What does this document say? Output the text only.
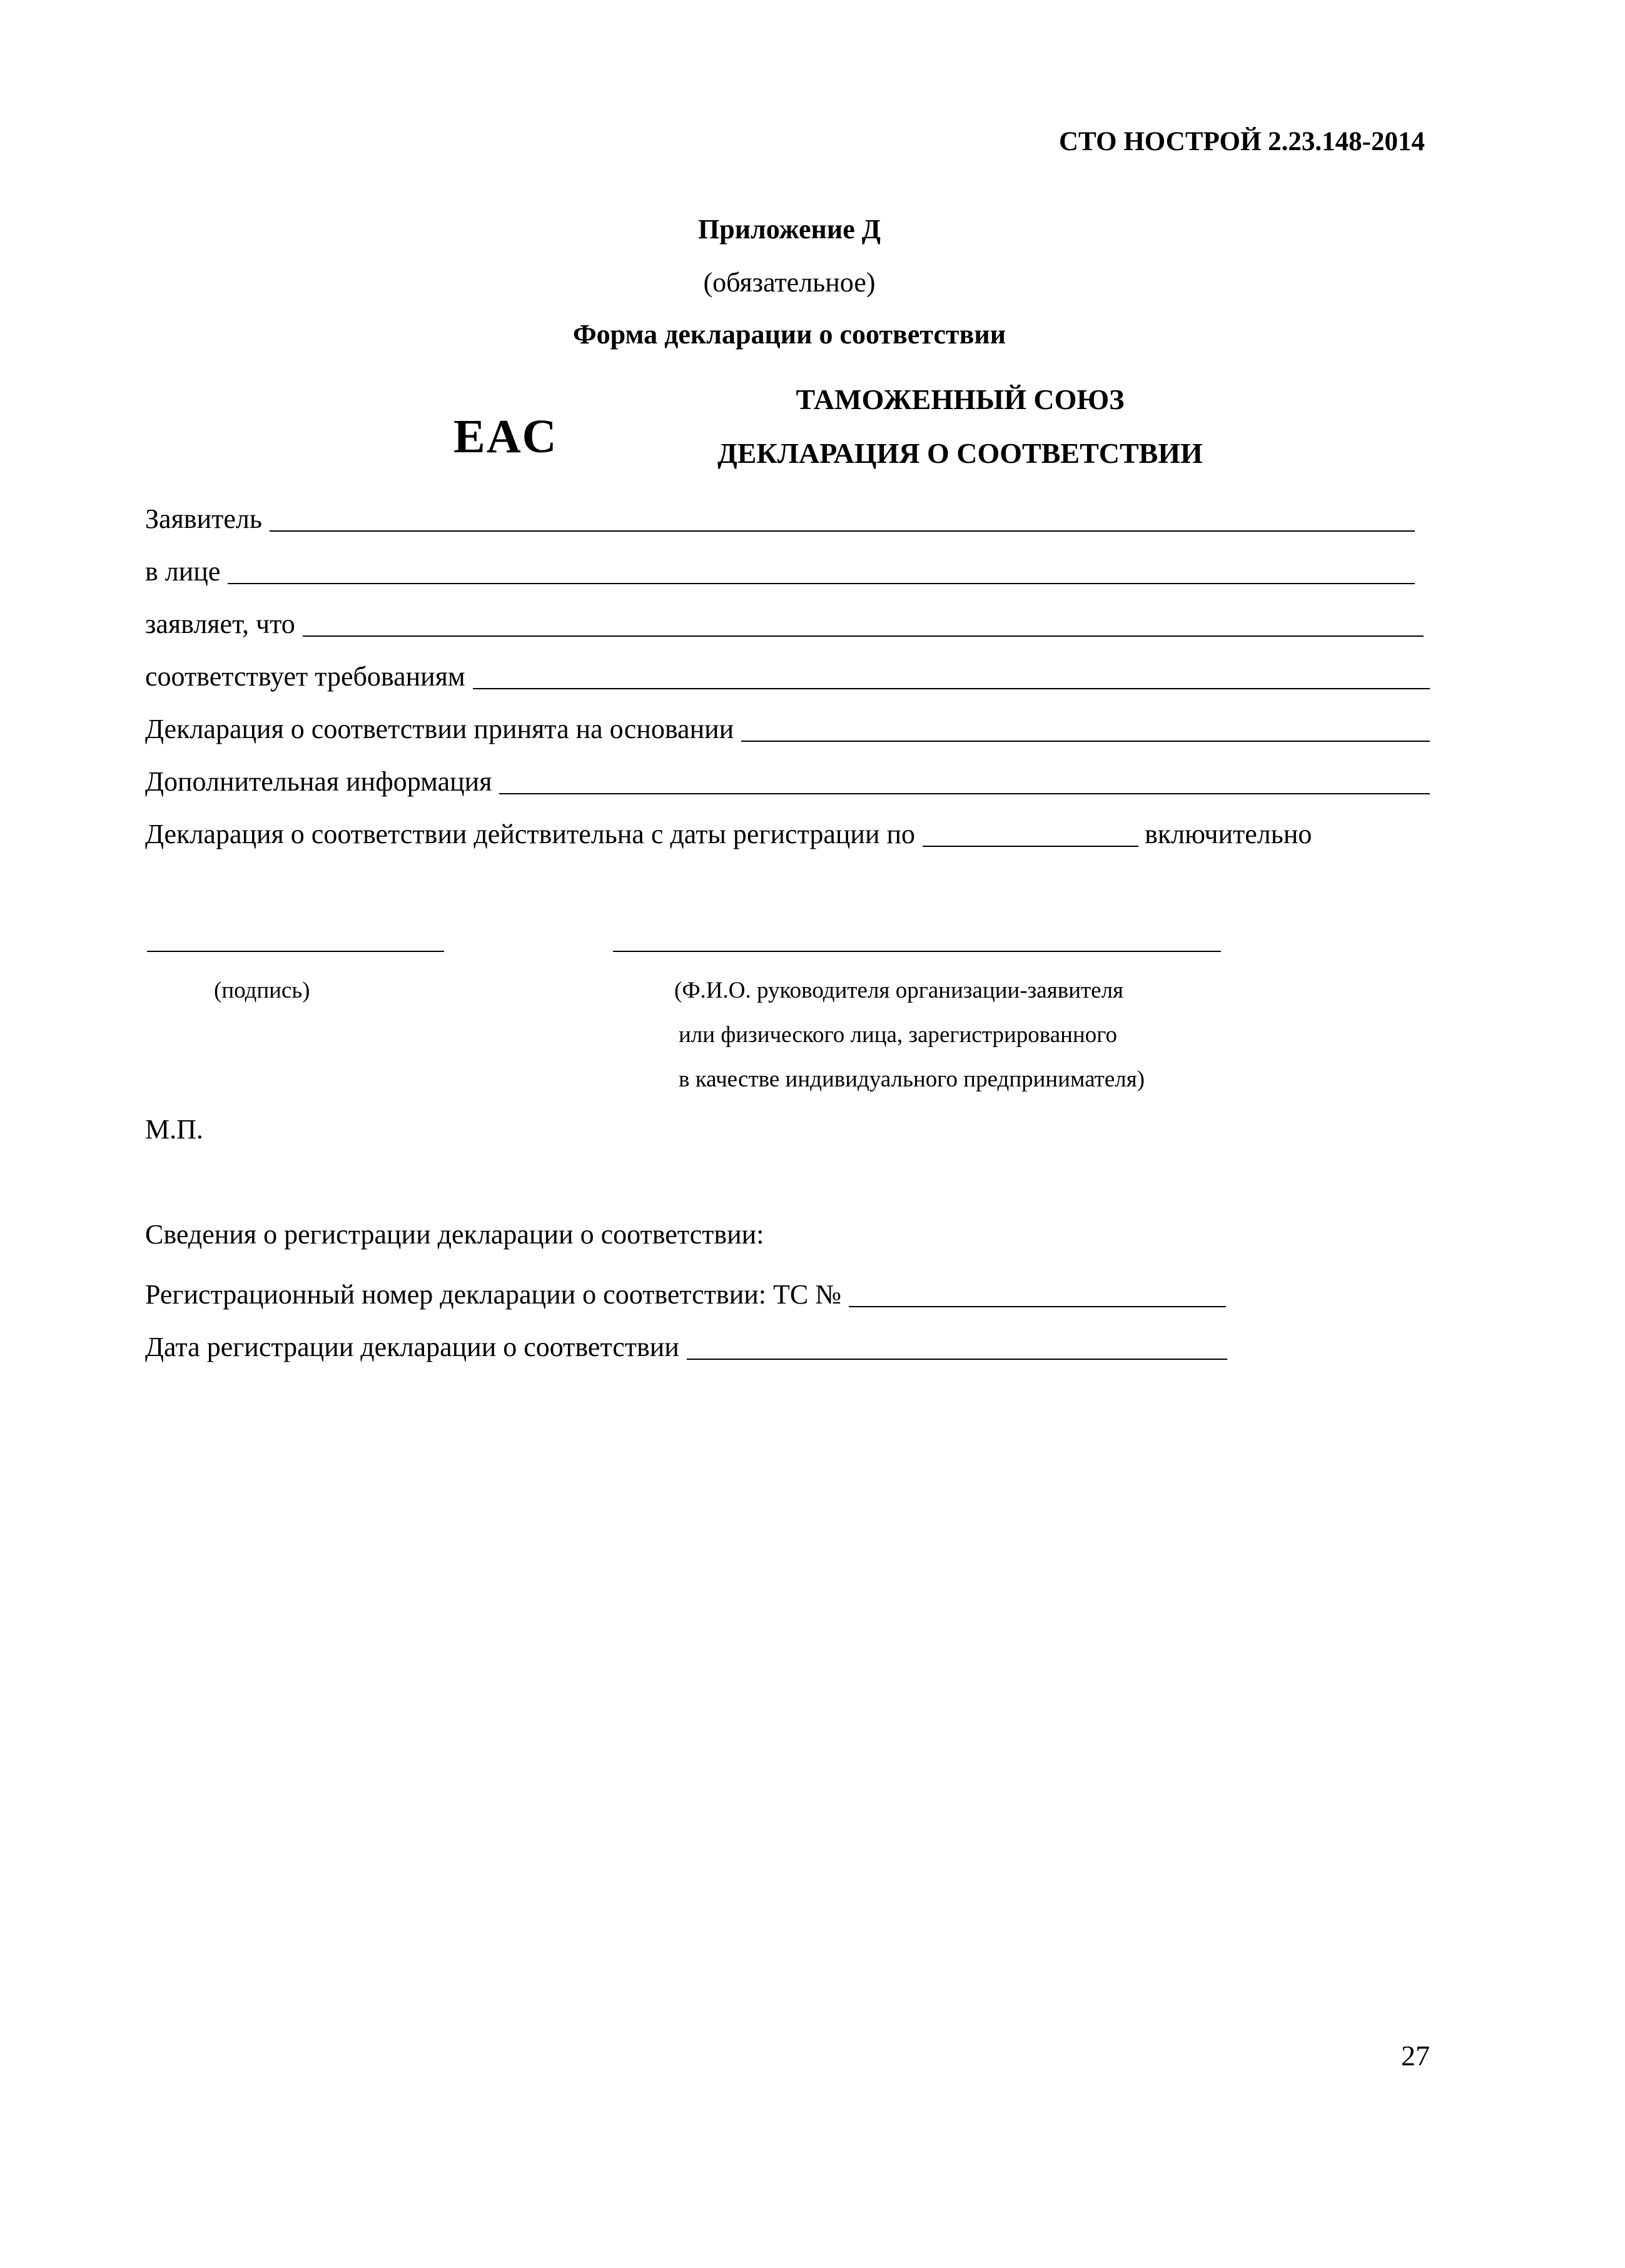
СТО НОСТРОЙ 2.23.148-2014
Приложение Д
(обязательное)
Форма декларации о соответствии
EAC
ТАМОЖЕННЫЙ СОЮЗ
ДЕКЛАРАЦИЯ О СООТВЕТСТВИИ
Заявитель
в лице
заявляет, что
соответствует требованиям
Декларация о соответствии принята на основании
Дополнительная информация
Декларация о соответствии действительна с даты регистрации по	включительно
(подпись)	(Ф.И.О. руководителя организации-заявителя
или физического лица, зарегистрированного
в качестве индивидуального предпринимателя)
М.П.
Сведения о регистрации декларации о соответствии:
Регистрационный номер декларации о соответствии: ТС №
Дата регистрации декларации о соответствии
27
